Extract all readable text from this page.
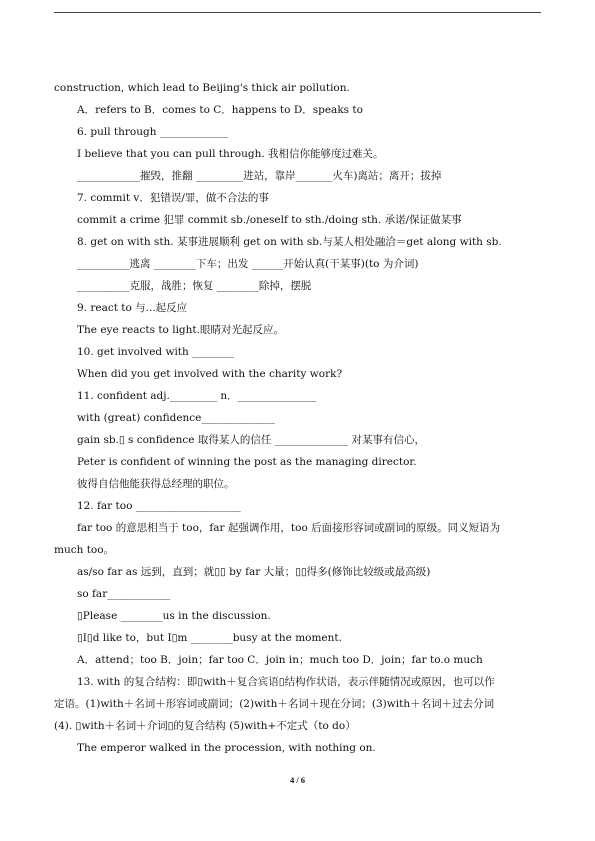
construction, which lead to Beijing's thick air pollution.
A．refers to B．comes to C．happens to D．speaks to
6. pull through _____________
I believe that you can pull through. 我相信你能够度过难关。
____________摧毁，推翻 _________进站，靠岸_______火车)离站；离开；拔掉
7. commit v．犯错误/罪，做不合法的事
commit a crime 犯罪 commit sb./oneself to sth./doing sth. 承诺/保证做某事
8. get on with sth. 某事进展顺利 get on with sb.与某人相处融洽＝get along with sb.
__________逃离 ________下车；出发 ______开始认真(干某事)(to 为介词)
__________克服，战胜；恢复 ________除掉，摆脱
9. react to 与...起反应
The eye reacts to light.眼睛对光起反应。
10. get involved with ________
When did you get involved with the charity work?
11. confident adj._________ n．_______________
with (great) confidence______________
gain sb.▯ s confidence 取得某人的信任 ______________ 对某事有信心，
Peter is confident of winning the post as the managing director.
彼得自信他能获得总经理的职位。
12. far too ____________________
far too 的意思相当于 too，far 起强调作用，too 后面接形容词或副词的原级。同义短语为
much too。
as/so far as 远到，直到；就▯▯ by far 大量；▯▯得多(修饰比较级或最高级)
so far____________
▯Please ________us in the discussion.
▯I▯d like to，but I▯m ________busy at the moment.
A．attend；too B．join；far too C．join in；much too D．join；far to.o much
13. with 的复合结构：即▯with＋复合宾语▯结构作状语，表示伴随情况或原因，也可以作
定语。(1)with＋名词＋形容词或副词；(2)with＋名词＋现在分词；(3)with＋名词＋过去分词
(4). ▯with＋名词＋介词▯的复合结构 (5)with+不定式（to do）
The emperor walked in the procession, with nothing on.
4 / 6
